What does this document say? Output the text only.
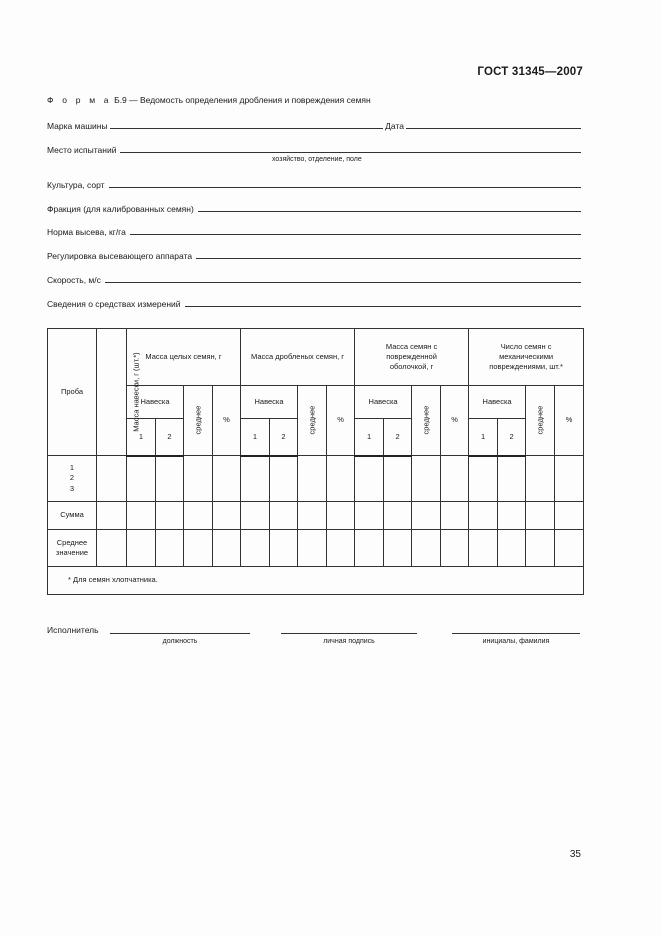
ГОСТ 31345—2007
Ф о р м а Б.9 — Ведомость определения дробления и повреждения семян
Марка машины	Дата
Место испытаний
хозяйство, отделение, поле
Культура, сорт
Фракция (для калиброванных семян)
Норма высева, кг/га
Регулировка высевающего аппарата
Скорость, м/с
Сведения о средствах измерений
Проба	Масса навески, г (шт.*)	Масса целых семян, г				Масса дробленых семян, г				Масса семян с поврежденной оболочкой, г				Число семян с механическими повреждениями, шт.*			
		Навеска		среднее	%	Навеска		среднее	%	Навеска		среднее	%	Навеска		среднее	%
		1	2			1	2			1	2			1	2		

1
2
3																	

Сумма																	
Среднее значение																	
* Для семян хлопчатника.																	
Исполнитель
должность	личная подпись	инициалы, фамилия
35
